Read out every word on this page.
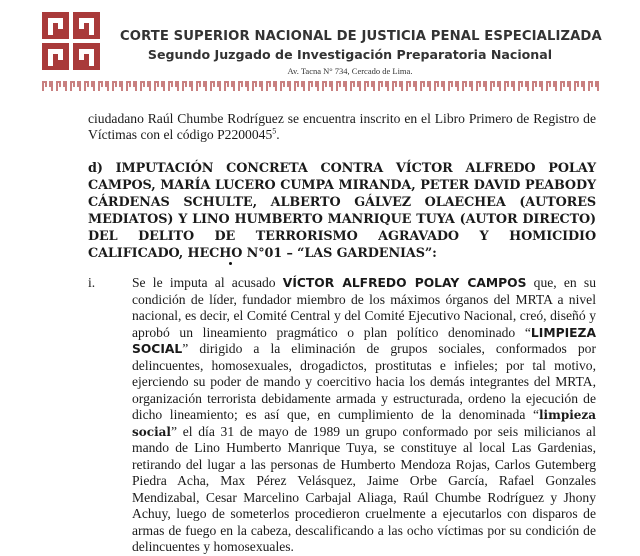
CORTE SUPERIOR NACIONAL DE JUSTICIA PENAL ESPECIALIZADA
Segundo Juzgado de Investigación Preparatoria Nacional
Av. Tacna N° 734, Cercado de Lima.

ciudadano Raúl Chumbe Rodríguez se encuentra inscrito en el Libro Primero de Registro de Víctimas con el código P2200045$^5$.

d) IMPUTACIÓN CONCRETA CONTRA VÍCTOR ALFREDO POLAY CAMPOS, MARÍA LUCERO CUMPA MIRANDA, PETER DAVID PEABODY CÁRDENAS SCHULTE, ALBERTO GÁLVEZ OLAECHEA (AUTORES MEDIATOS) Y LINO HUMBERTO MANRIQUE TUYA (AUTOR DIRECTO) DEL DELITO DE TERRORISMO AGRAVADO Y HOMICIDIO CALIFICADO, HECHO N°01 – “LAS GARDENIAS”:

i.	Se le imputa al acusado VÍCTOR ALFREDO POLAY CAMPOS que, en su condición de líder, fundador miembro de los máximos órganos del MRTA a nivel nacional, es decir, el Comité Central y del Comité Ejecutivo Nacional, creó, diseñó y aprobó un lineamiento pragmático o plan político denominado “LIMPIEZA SOCIAL” dirigido a la eliminación de grupos sociales, conformados por delincuentes, homosexuales, drogadictos, prostitutas e infieles; por tal motivo, ejerciendo su poder de mando y coercitivo hacia los demás integrantes del MRTA, organización terrorista debidamente armada y estructurada, ordeno la ejecución de dicho lineamiento; es así que, en cumplimiento de la denominada “limpieza social” el día 31 de mayo de 1989 un grupo conformado por seis milicianos al mando de Lino Humberto Manrique Tuya, se constituye al local Las Gardenias, retirando del lugar a las personas de Humberto Mendoza Rojas, Carlos Gutemberg Piedra Acha, Max Pérez Velásquez, Jaime Orbe García, Rafael Gonzales Mendizabal, Cesar Marcelino Carbajal Aliaga, Raúl Chumbe Rodríguez y Jhony Achuy, luego de someterlos procedieron cruelmente a ejecutarlos con disparos de armas de fuego en la cabeza, descalificando a las ocho víctimas por su condición de delincuentes y homosexuales.
